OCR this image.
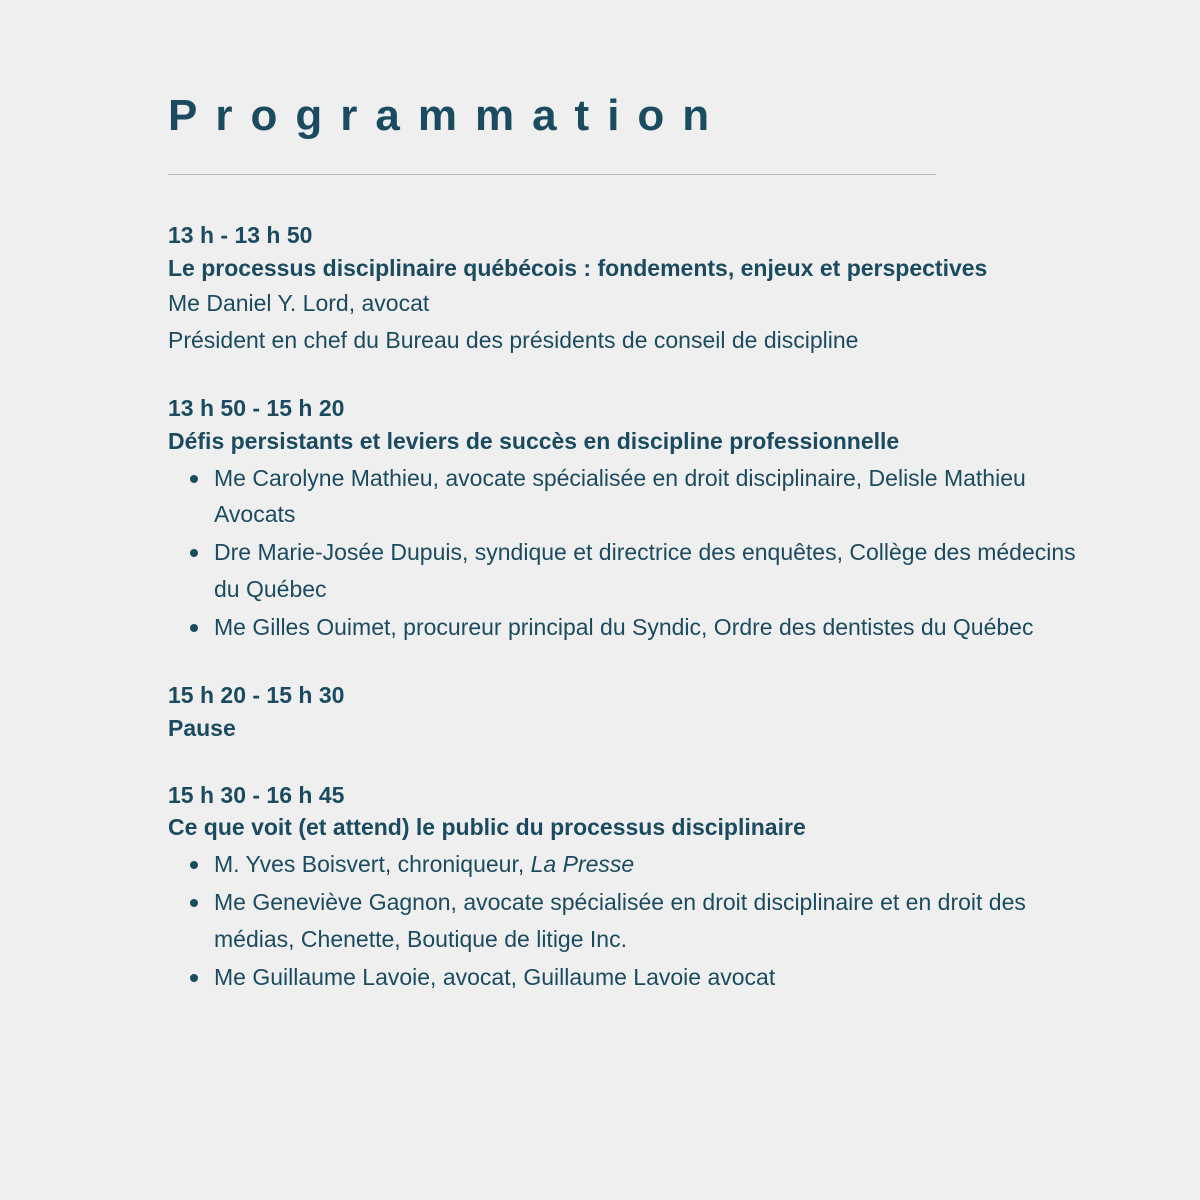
Programmation

13 h - 13 h 50

Le processus disciplinaire québécois : fondements, enjeux et perspectives

Me Daniel Y. Lord, avocat

Président en chef du Bureau des présidents de conseil de discipline

13 h 50 - 15 h 20

Défis persistants et leviers de succès en discipline professionnelle

Me Carolyne Mathieu, avocate spécialisée en droit disciplinaire, Delisle Mathieu Avocats
Dre Marie-Josée Dupuis, syndique et directrice des enquêtes, Collège des médecins du Québec
Me Gilles Ouimet, procureur principal du Syndic, Ordre des dentistes du Québec

15 h 20 - 15 h 30

Pause

15 h 30 - 16 h 45

Ce que voit (et attend) le public du processus disciplinaire

M. Yves Boisvert, chroniqueur, La Presse
Me Geneviève Gagnon, avocate spécialisée en droit disciplinaire et en droit des médias, Chenette, Boutique de litige Inc.
Me Guillaume Lavoie, avocat, Guillaume Lavoie avocat
